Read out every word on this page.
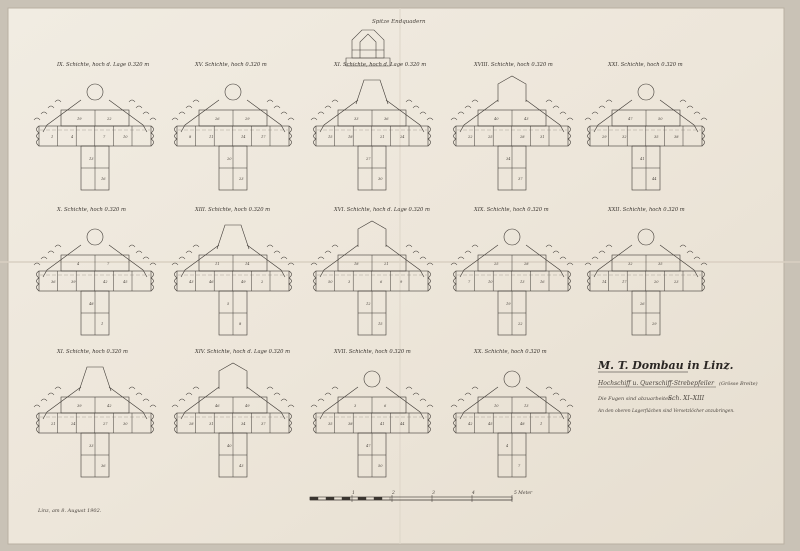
Spitze Endquadern
IX. Schichte, hoch d. Lage 0.320 m
1	4	7	10
13
16
19	22
XV. Schichte, hoch 0.320 m
8	11	14	17
20
23
26	29
XI. Schichte, hoch d. Lage 0.320 m
15	18	21	24
27
30
33	36
XVIII. Schichte, hoch 0.320 m
22	25	28	31
34
37
40	43
XXI. Schichte, hoch 0.320 m
29	32	35	38
41
44
47	50
X. Schichte, hoch 0.320 m
36	39	42	45
48
1
4	7
XIII. Schichte, hoch 0.320 m
43	46	49	2
5
8
11	14
XVI. Schichte, hoch d. Lage 0.320 m
50	3	6	9
12
15
18	21
XIX. Schichte, hoch 0.320 m
7	10	13	16
19
22
25	28
XXII. Schichte, hoch 0.320 m
14	17	20	23
26
29
32	35
XI. Schichte, hoch 0.320 m
21	24	27	30
33
36
39	42
XIV. Schichte, hoch d. Lage 0.320 m
28	31	34	37
40
43
46	49
XVII. Schichte, hoch 0.320 m
35	38	41	44
47
50
3	6
XX. Schichte, hoch 0.320 m
42	45	48	1
4
7
10	13
M. T. Dombau in Linz.
Hochschiff u. Querschiff-Strebepfeiler (Grösse Breite)
Die Fugen sind abzuarbeiten.
Sch. XI–XIII
An den oberen Lagerflächen sind Versetzlöcher anzubringen.
Linz, am 8. August 1902.
1	2	3	4	5 Meter
